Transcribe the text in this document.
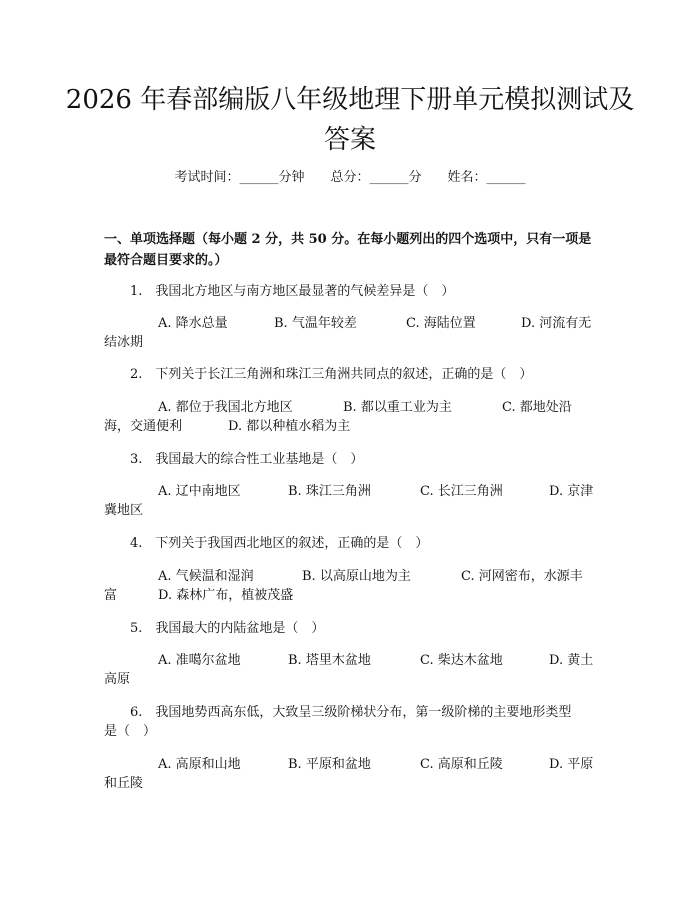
2026 年春部编版八年级地理下册单元模拟测试及答案
考试时间：______分钟　　总分：______分　　姓名：______
一、单项选择题（每小题 2 分，共 50 分。在每小题列出的四个选项中，只有一项是最符合题目要求的。）
1.　我国北方地区与南方地区最显著的气候差异是（　）
A. 降水总量	B. 气温年较差	C. 海陆位置	D. 河流有无
结冰期
2.　下列关于长江三角洲和珠江三角洲共同点的叙述，正确的是（　）
A. 都位于我国北方地区	B. 都以重工业为主	C. 都地处沿
海，交通便利	D. 都以种植水稻为主
3.　我国最大的综合性工业基地是（　）
A. 辽中南地区	B. 珠江三角洲	C. 长江三角洲	D. 京津
冀地区
4.　下列关于我国西北地区的叙述，正确的是（　）
A. 气候温和湿润	B. 以高原山地为主	C. 河网密布，水源丰
富	D. 森林广布，植被茂盛
5.　我国最大的内陆盆地是（　）
A. 准噶尔盆地	B. 塔里木盆地	C. 柴达木盆地	D. 黄土
高原
6.　我国地势西高东低，大致呈三级阶梯状分布，第一级阶梯的主要地形类型
是（　）
A. 高原和山地	B. 平原和盆地	C. 高原和丘陵	D. 平原
和丘陵
